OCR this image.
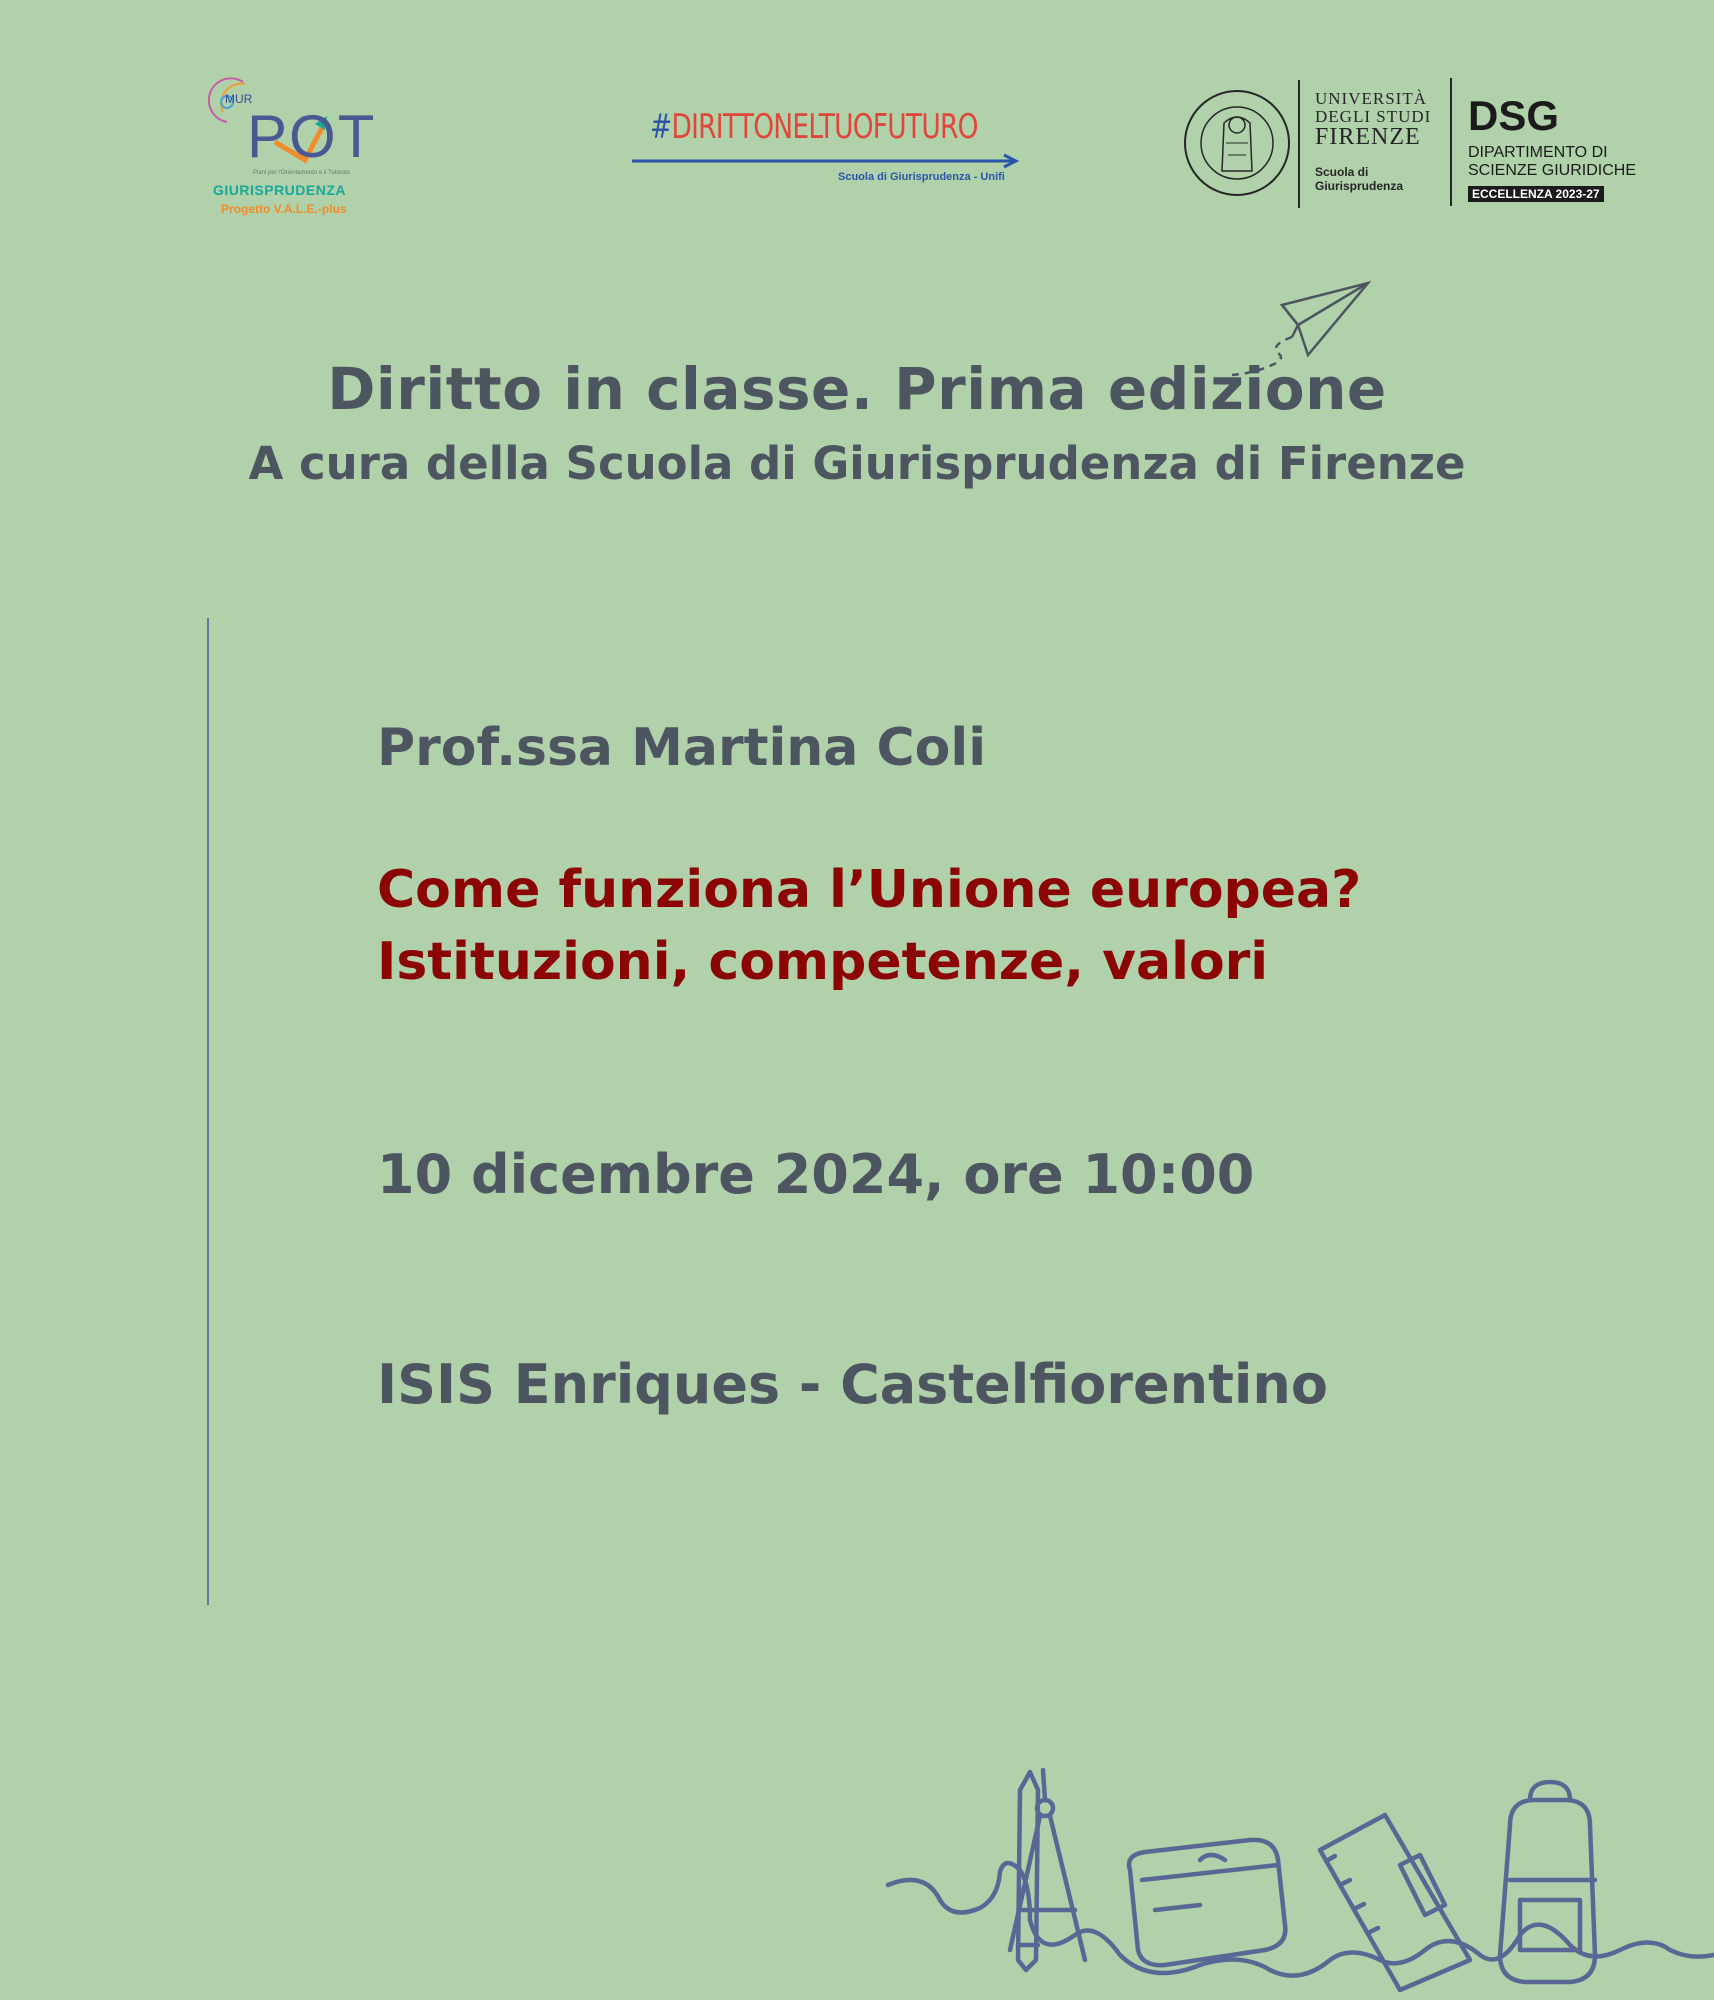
MUR
POT
Piani per l'Orientamento e il Tutorato
GIURISPRUDENZA
Progetto V.A.L.E.-plus
#DIRITTONELTUOFUTURO
Scuola di Giurisprudenza - Unifi
UNIVERSITÀ
DEGLI STUDI
FIRENZE
Scuola di
Giurisprudenza
DSG
DIPARTIMENTO DI
SCIENZE GIURIDICHE
ECCELLENZA 2023-27
Diritto in classe. Prima edizione
A cura della Scuola di Giurisprudenza di Firenze
Prof.ssa Martina Coli
Come funziona l’Unione europea?
Istituzioni, competenze, valori
10 dicembre 2024, ore 10:00
ISIS Enriques - Castelfiorentino
